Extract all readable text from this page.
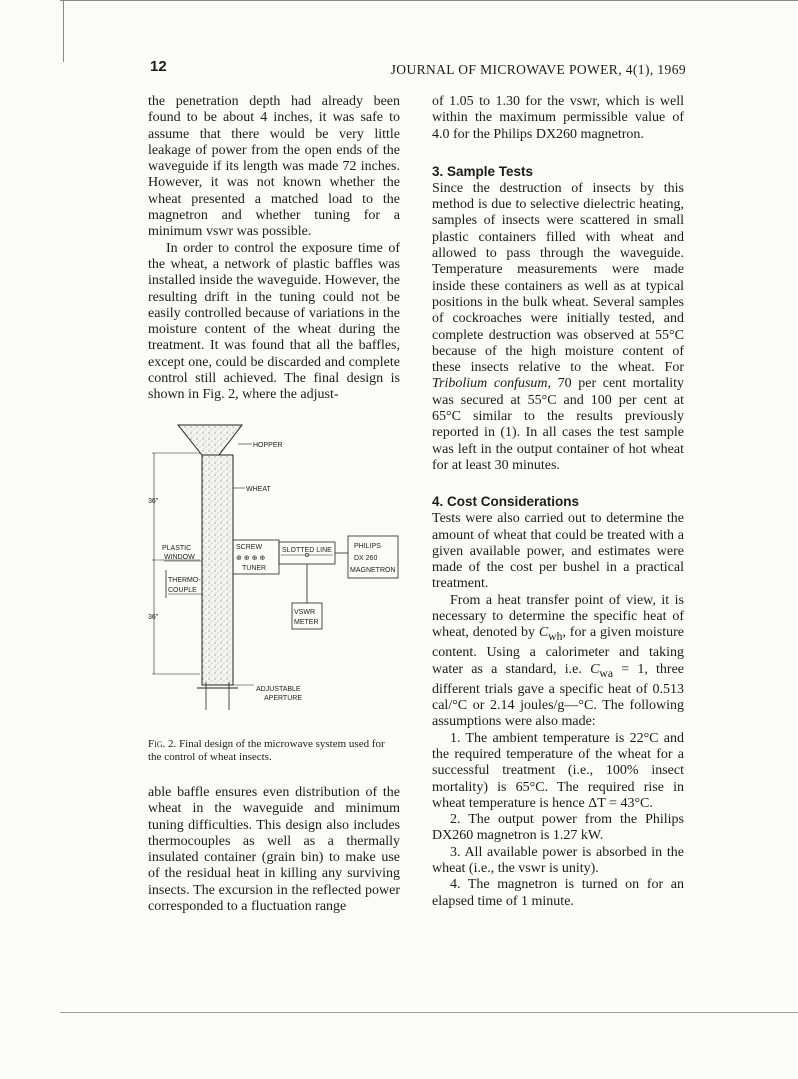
12	JOURNAL OF MICROWAVE POWER, 4(1), 1969

the penetration depth had already been found to be about 4 inches, it was safe to assume that there would be very little leakage of power from the open ends of the waveguide if its length was made 72 inches. However, it was not known whether the wheat presented a matched load to the magnetron and whether tuning for a minimum vswr was possible.

In order to control the exposure time of the wheat, a network of plastic baffles was installed inside the waveguide. However, the resulting drift in the tuning could not be easily controlled because of variations in the moisture content of the wheat during the treatment. It was found that all the baffles, except one, could be discarded and complete control still achieved. The final design is shown in Fig. 2, where the adjust-

36"
36"
HOPPER
WHEAT
PLASTIC
WINDOW
SCREW
⊕ ⊕ ⊕ ⊕
TUNER
SLOTTED LINE
PHILIPS
DX 260
MAGNETRON
THERMO-
COUPLE
VSWR
METER
ADJUSTABLE
APERTURE
Fig. 2. Final design of the microwave system used for the control of wheat insects.

able baffle ensures even distribution of the wheat in the waveguide and minimum tuning difficulties. This design also includes thermocouples as well as a thermally insulated container (grain bin) to make use of the residual heat in killing any surviving insects. The excursion in the reflected power corresponded to a fluctuation range

of 1.05 to 1.30 for the vswr, which is well within the maximum permissible value of 4.0 for the Philips DX260 magnetron.

3. Sample Tests

Since the destruction of insects by this method is due to selective dielectric heating, samples of insects were scattered in small plastic containers filled with wheat and allowed to pass through the waveguide. Temperature measurements were made inside these containers as well as at typical positions in the bulk wheat. Several samples of cockroaches were initially tested, and complete destruction was observed at 55°C because of the high moisture content of these insects relative to the wheat. For Tribolium confusum, 70 per cent mortality was secured at 55°C and 100 per cent at 65°C similar to the results previously reported in (1). In all cases the test sample was left in the output container of hot wheat for at least 30 minutes.

4. Cost Considerations

Tests were also carried out to determine the amount of wheat that could be treated with a given available power, and estimates were made of the cost per bushel in a practical treatment.

From a heat transfer point of view, it is necessary to determine the specific heat of wheat, denoted by $C_{wh}$, for a given moisture content. Using a calorimeter and taking water as a standard, i.e. $C_{wa} = 1$, three different trials gave a specific heat of 0.513 cal/°C or 2.14 joules/g—°C. The following assumptions were also made:

1. The ambient temperature is 22°C and the required temperature of the wheat for a successful treatment (i.e., 100% insect mortality) is 65°C. The required rise in wheat temperature is hence ΔT = 43°C.

2. The output power from the Philips DX260 magnetron is 1.27 kW.

3. All available power is absorbed in the wheat (i.e., the vswr is unity).

4. The magnetron is turned on for an elapsed time of 1 minute.
